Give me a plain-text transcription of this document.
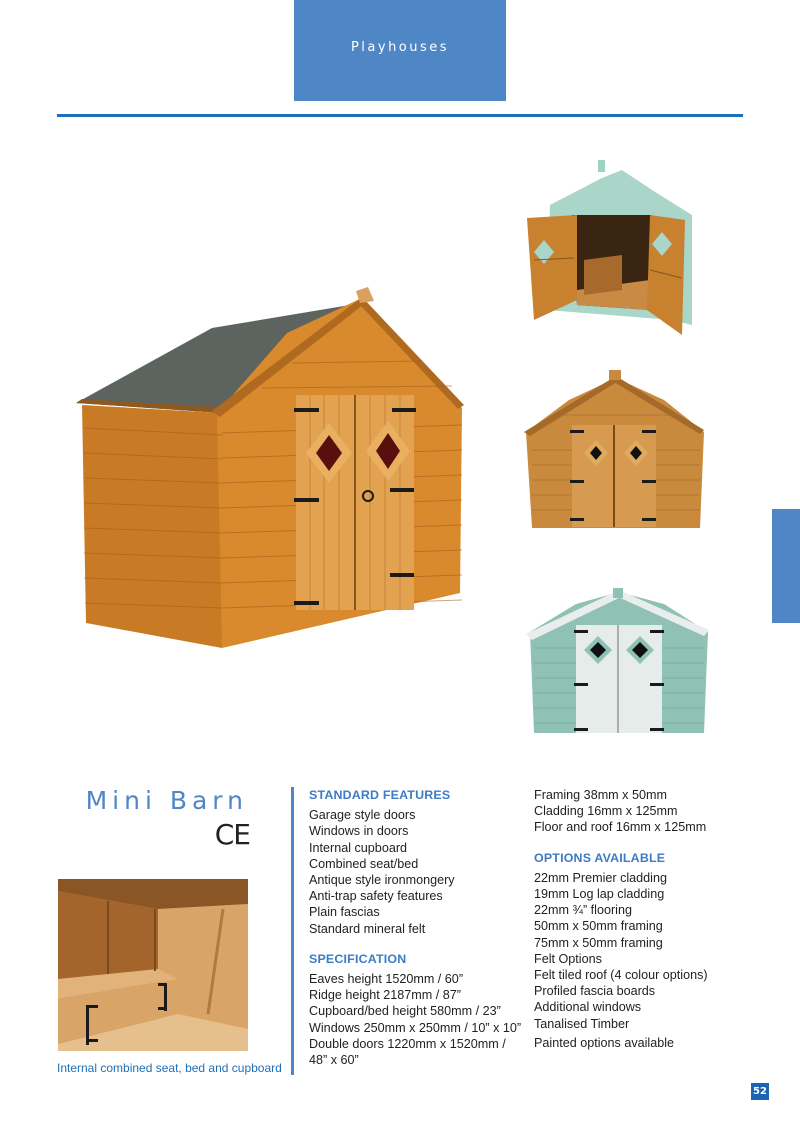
Playhouses
Mini Barn
CE
Internal combined seat, bed and cupboard
STANDARD FEATURES
Garage style doors
Windows in doors
Internal cupboard
Combined seat/bed
Antique style ironmongery
Anti-trap safety features
Plain fascias
Standard mineral felt
SPECIFICATION
Eaves height 1520mm / 60”
Ridge height 2187mm / 87”
Cupboard/bed height 580mm / 23”
Windows 250mm x 250mm / 10” x 10”
Double doors 1220mm x 1520mm /
48” x 60”
Framing 38mm x 50mm
Cladding 16mm x 125mm
Floor and roof 16mm x 125mm
OPTIONS AVAILABLE
22mm Premier cladding
19mm Log lap cladding
22mm ¾” flooring
50mm x 50mm framing
75mm x 50mm framing
Felt Options
Felt tiled roof (4 colour options)
Profiled fascia boards
Additional windows
Tanalised Timber
Painted options available
52
